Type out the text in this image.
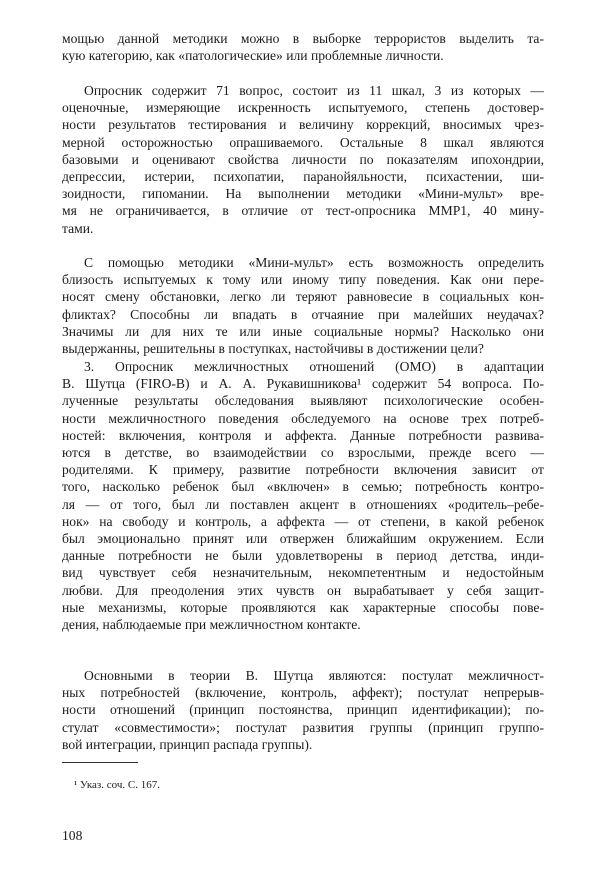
мощью данной методики можно в выборке террористов выделить та-
кую категорию, как «патологические» или проблемные личности.
Опросник содержит 71 вопрос, состоит из 11 шкал, 3 из которых —
оценочные, измеряющие искренность испытуемого, степень достовер-
ности результатов тестирования и величину коррекций, вносимых чрез-
мерной осторожностью опрашиваемого. Остальные 8 шкал являются
базовыми и оценивают свойства личности по показателям ипохондрии,
депрессии, истерии, психопатии, паранойяльности, психастении, ши-
зоидности, гипомании. На выполнении методики «Мини-мульт» вре-
мя не ограничивается, в отличие от тест-опросника ММР1, 40 мину-
тами.
С помощью методики «Мини-мульт» есть возможность определить
близость испытуемых к тому или иному типу поведения. Как они пере-
носят смену обстановки, легко ли теряют равновесие в социальных кон-
фликтах? Способны ли впадать в отчаяние при малейших неудачах?
Значимы ли для них те или иные социальные нормы? Насколько они
выдержанны, решительны в поступках, настойчивы в достижении цели?
3. Опросник межличностных отношений (ОМО) в адаптации
В. Шутца (FIRO-B) и А. А. Рукавишникова¹ содержит 54 вопроса. По-
лученные результаты обследования выявляют психологические особен-
ности межличностного поведения обследуемого на основе трех потреб-
ностей: включения, контроля и аффекта. Данные потребности развива-
ются в детстве, во взаимодействии со взрослыми, прежде всего —
родителями. К примеру, развитие потребности включения зависит от
того, насколько ребенок был «включен» в семью; потребность контро-
ля — от того, был ли поставлен акцент в отношениях «родитель–ребе-
нок» на свободу и контроль, а аффекта — от степени, в какой ребенок
был эмоционально принят или отвержен ближайшим окружением. Если
данные потребности не были удовлетворены в период детства, инди-
вид чувствует себя незначительным, некомпетентным и недостойным
любви. Для преодоления этих чувств он вырабатывает у себя защит-
ные механизмы, которые проявляются как характерные способы пове-
дения, наблюдаемые при межличностном контакте.
Основными в теории В. Шутца являются: постулат межличност-
ных потребностей (включение, контроль, аффект); постулат непрерыв-
ности отношений (принцип постоянства, принцип идентификации); по-
стулат «совместимости»; постулат развития группы (принцип группо-
вой интеграции, принцип распада группы).
¹ Указ. соч. С. 167.
108
